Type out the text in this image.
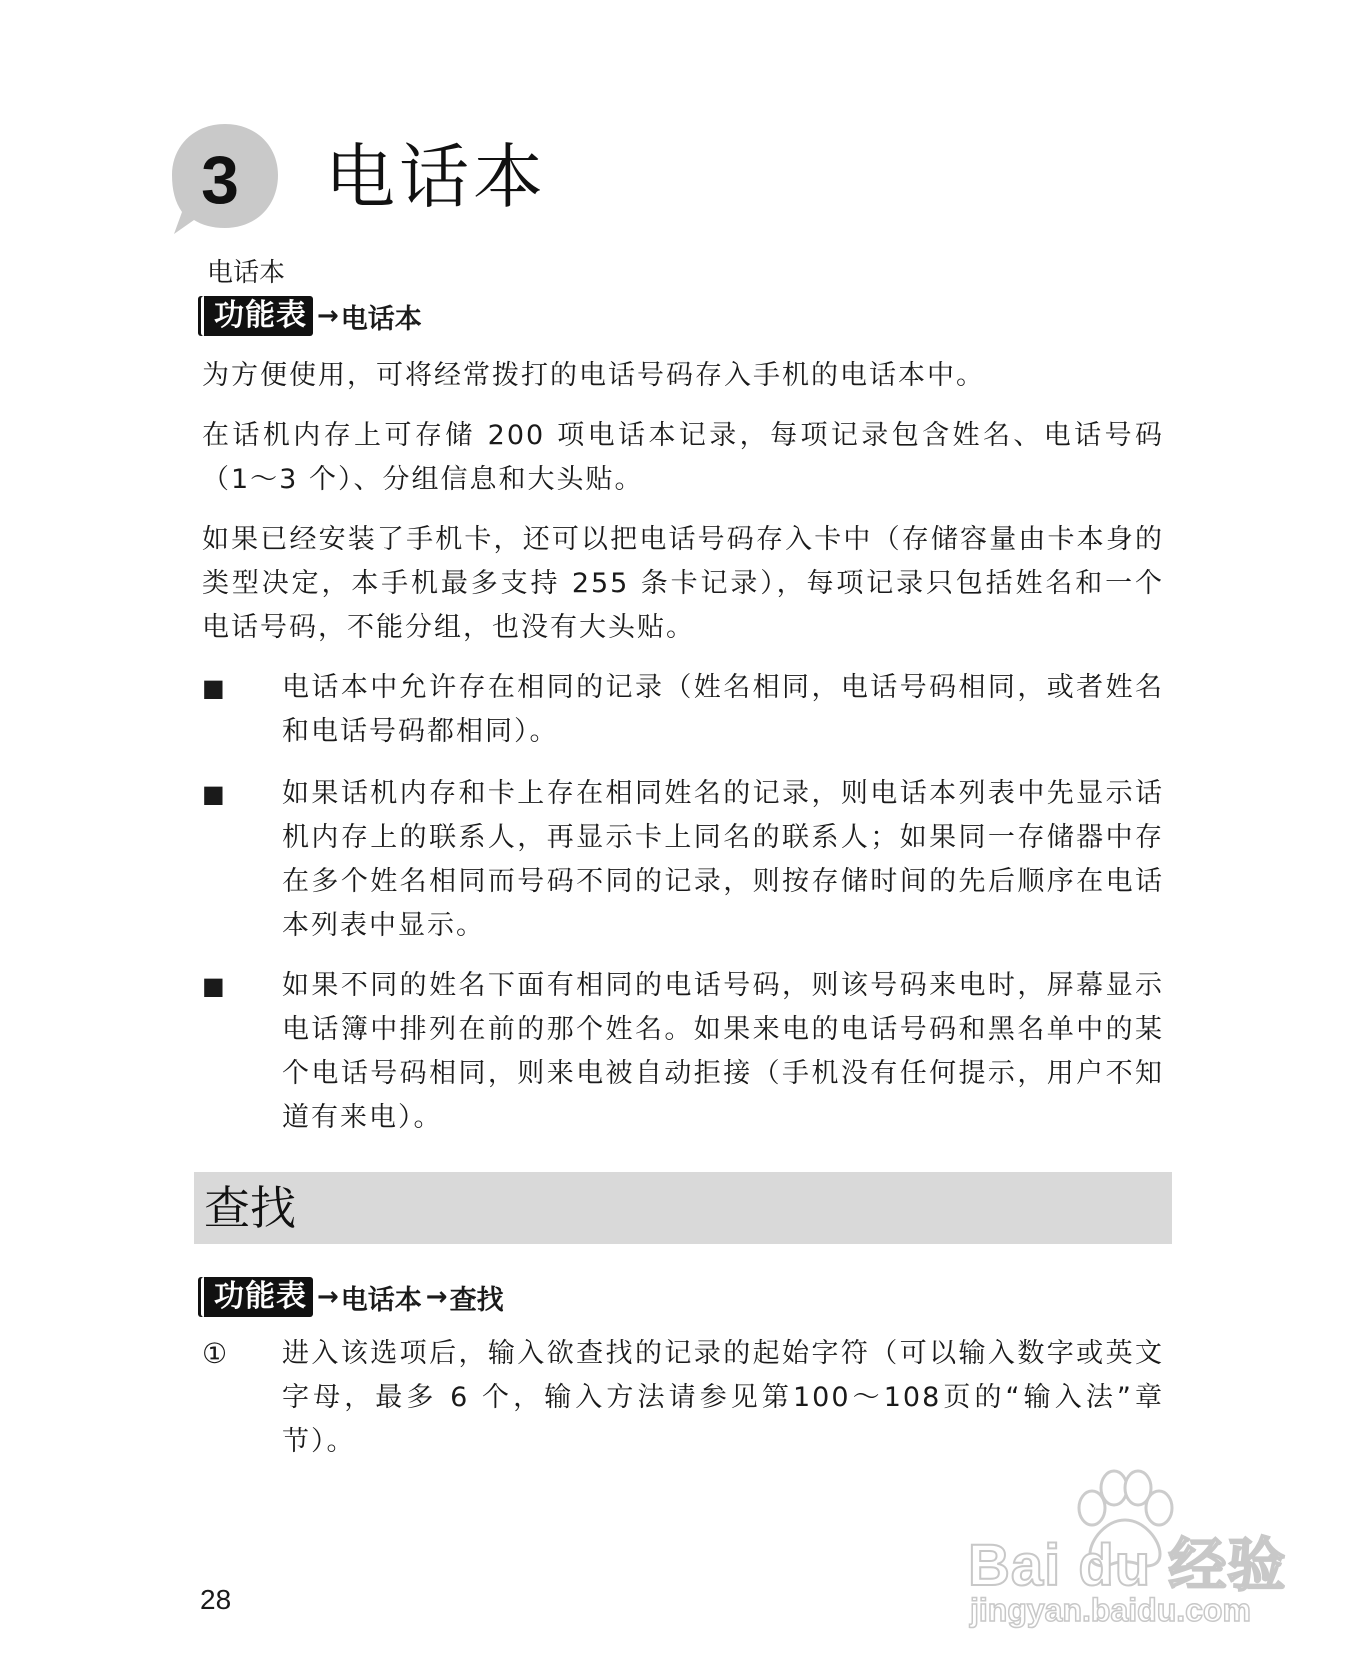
3	电话本
电话本
功能表 → 电话本
为方便使用，可将经常拨打的电话号码存入手机的电话本中。
在话机内存上可存储 200 项电话本记录，每项记录包含姓名、电话号码（1～3 个）、分组信息和大头贴。
如果已经安装了手机卡，还可以把电话号码存入卡中（存储容量由卡本身的类型决定，本手机最多支持 255 条卡记录），每项记录只包括姓名和一个电话号码，不能分组，也没有大头贴。
■	电话本中允许存在相同的记录（姓名相同，电话号码相同，或者姓名和电话号码都相同）。
■	如果话机内存和卡上存在相同姓名的记录，则电话本列表中先显示话机内存上的联系人，再显示卡上同名的联系人；如果同一存储器中存在多个姓名相同而号码不同的记录，则按存储时间的先后顺序在电话本列表中显示。
■	如果不同的姓名下面有相同的电话号码，则该号码来电时，屏幕显示电话簿中排列在前的那个姓名。如果来电的电话号码和黑名单中的某个电话号码相同，则来电被自动拒接（手机没有任何提示，用户不知道有来电）。
查找
功能表 → 电话本 → 查找
①	进入该选项后，输入欲查找的记录的起始字符（可以输入数字或英文字母，最多 6 个，输入方法请参见第100～108页的“输入法”章节）。
28
Bai du 经验
jingyan.baidu.com
